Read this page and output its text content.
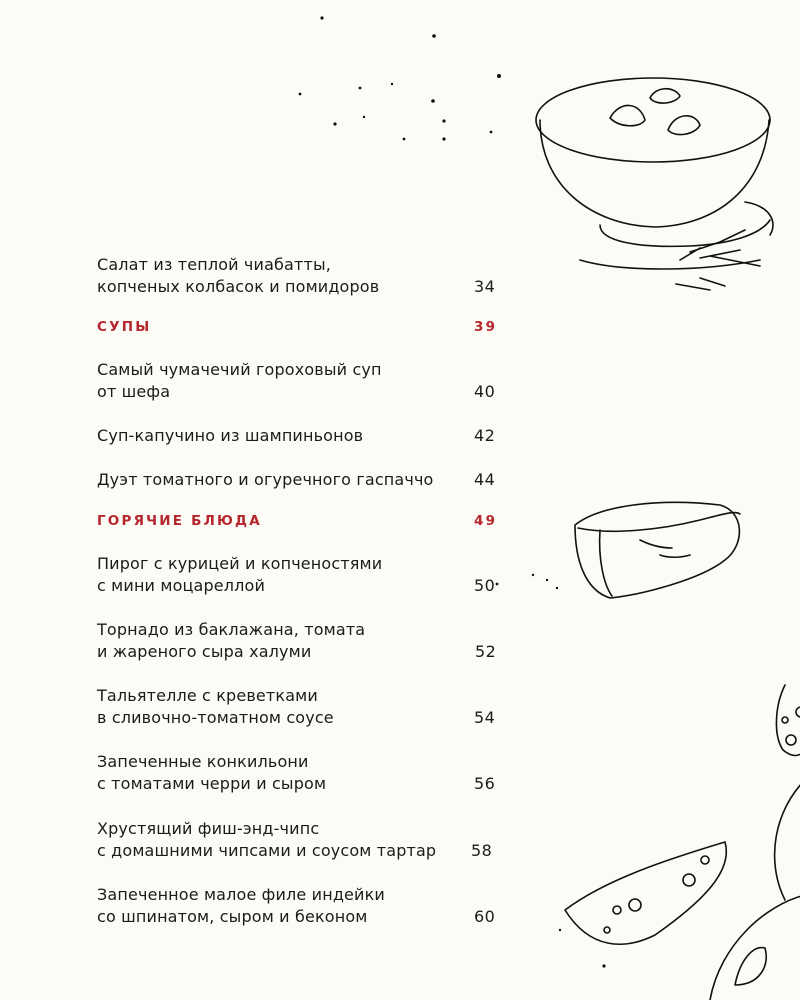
Салат из теплой чиабатты,
копченых колбасок и помидоров	34
СУПЫ	39
Самый чумачечий гороховый суп
от шефа	40
Суп-капучино из шампиньонов	42
Дуэт томатного и огуречного гаспаччо	44
ГОРЯЧИЕ БЛЮДА	49
Пирог с курицей и копченостями
с мини моцареллой	50
Торнадо из баклажана, томата
и жареного сыра халуми	52
Тальятелле с креветками
в сливочно-томатном соусе	54
Запеченные конкильони
с томатами черри и сыром	56
Хрустящий фиш-энд-чипс
с домашними чипсами и соусом тартар	58
Запеченное малое филе индейки
со шпинатом, сыром и беконом	60
